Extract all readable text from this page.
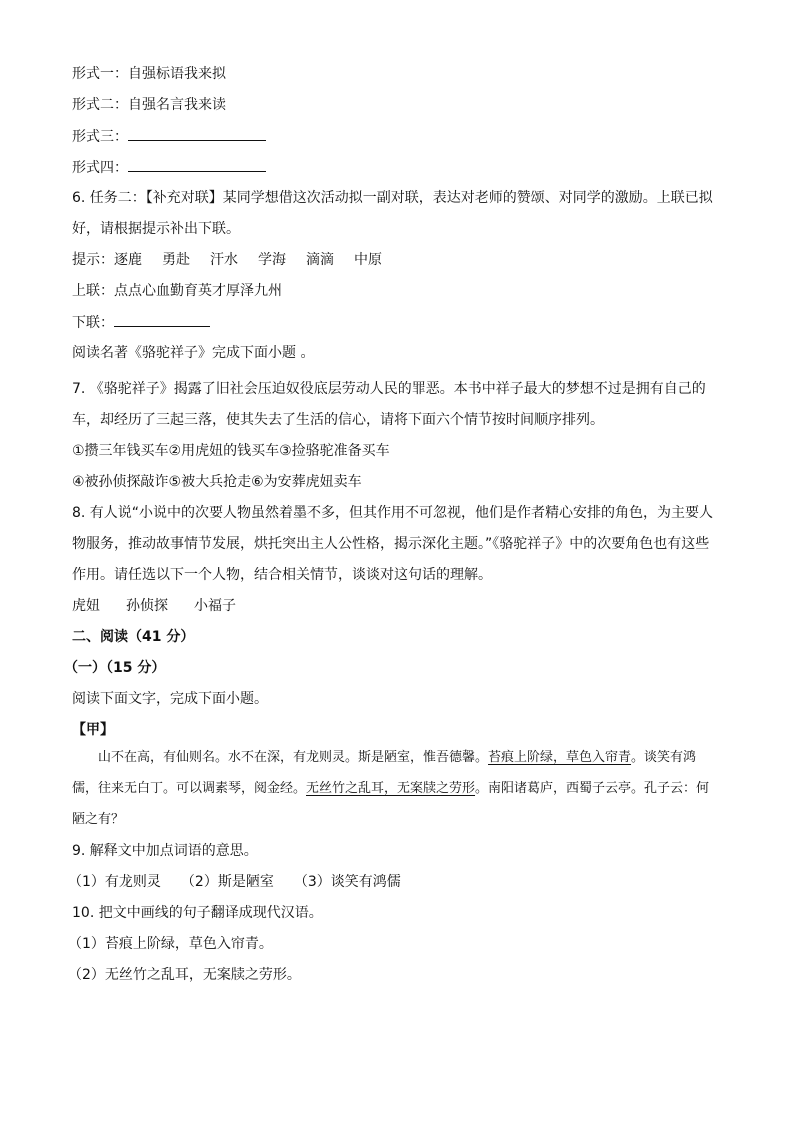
形式一：自强标语我来拟
形式二：自强名言我来读
形式三：
形式四：
6. 任务二：【补充对联】某同学想借这次活动拟一副对联，表达对老师的赞颂、对同学的激励。上联已拟好，请根据提示补出下联。
提示：逐鹿 勇赴 汗水 学海 滴滴 中原
上联：点点心血勤育英才厚泽九州
下联：
阅读名著《骆驼祥子》完成下面小题 。
7. 《骆驼祥子》揭露了旧社会压迫奴役底层劳动人民的罪恶。本书中祥子最大的梦想不过是拥有自己的车，却经历了三起三落，使其失去了生活的信心，请将下面六个情节按时间顺序排列。
①攒三年钱买车②用虎妞的钱买车③捡骆驼准备买车
④被孙侦探敲诈⑤被大兵抢走⑥为安葬虎妞卖车
8. 有人说“小说中的次要人物虽然着墨不多，但其作用不可忽视，他们是作者精心安排的角色，为主要人物服务，推动故事情节发展，烘托突出主人公性格，揭示深化主题。”《骆驼祥子》中的次要角色也有这些作用。请任选以下一个人物，结合相关情节，谈谈对这句话的理解。
虎妞 孙侦探 小福子
二、阅读（41 分）
（一）（15 分）
阅读下面文字，完成下面小题。
【甲】
山不在高，有仙则名。水不在深，有龙则灵。斯是陋室，惟吾德馨。苔痕上阶绿，草色入帘青。谈笑有鸿儒，往来无白丁。可以调素琴，阅金经。无丝竹之乱耳，无案牍之劳形。南阳诸葛庐，西蜀子云亭。孔子云：何陋之有？
9. 解释文中加点词语的意思。
（1）有龙则灵 （2）斯是陋室 （3）谈笑有鸿儒
10. 把文中画线的句子翻译成现代汉语。
（1）苔痕上阶绿，草色入帘青。
（2）无丝竹之乱耳，无案牍之劳形。
